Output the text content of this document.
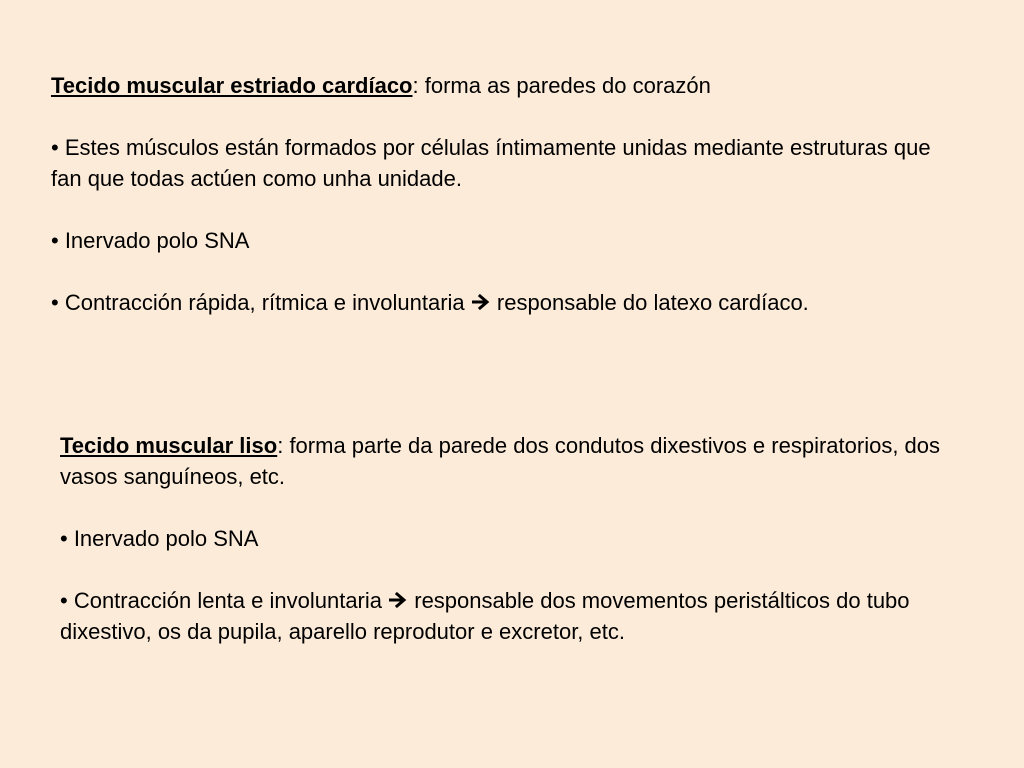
Tecido muscular estriado cardíaco: forma as paredes do corazón

• Estes músculos están formados por células íntimamente unidas mediante estruturas que fan que todas actúen como unha unidade.

• Inervado polo SNA

• Contracción rápida, rítmica e involuntaria responsable do latexo cardíaco.

Tecido muscular liso: forma parte da parede dos condutos dixestivos e respiratorios, dos vasos sanguíneos, etc.

• Inervado polo SNA

• Contracción lenta e involuntaria responsable dos movementos peristálticos do tubo dixestivo, os da pupila, aparello reprodutor e excretor, etc.
